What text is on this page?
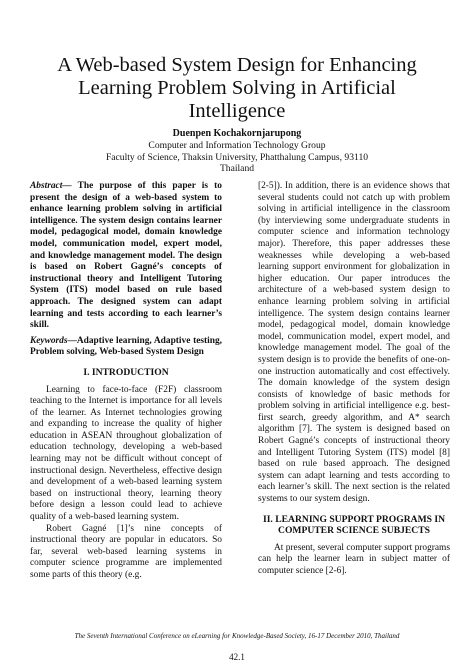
A Web-based System Design for Enhancing Learning Problem Solving in Artificial Intelligence
Duenpen Kochakornjarupong
Computer and Information Technology Group
Faculty of Science, Thaksin University, Phatthalung Campus, 93110
Thailand

Abstract— The purpose of this paper is to present the design of a web-based system to enhance learning problem solving in artificial intelligence. The system design contains learner model, pedagogical model, domain knowledge model, communication model, expert model, and knowledge management model. The design is based on Robert Gagné’s concepts of instructional theory and Intelligent Tutoring System (ITS) model based on rule based approach. The designed system can adapt learning and tests according to each learner’s skill.

Keywords—Adaptive learning, Adaptive testing, Problem solving, Web-based System Design

I. INTRODUCTION

Learning to face-to-face (F2F) classroom teaching to the Internet is importance for all levels of the learner. As Internet technologies growing and expanding to increase the quality of higher education in ASEAN throughout globalization of education technology, developing a web-based learning may not be difficult without concept of instructional design. Nevertheless, effective design and development of a web-based learning system based on instructional theory, learning theory before design a lesson could lead to achieve quality of a web-based learning system.

Robert Gagné [1]’s nine concepts of instructional theory are popular in educators. So far, several web-based learning systems in computer science programme are implemented some parts of this theory (e.g.

[2-5]). In addition, there is an evidence shows that several students could not catch up with problem solving in artificial intelligence in the classroom (by interviewing some undergraduate students in computer science and information technology major). Therefore, this paper addresses these weaknesses while developing a web-based learning support environment for globalization in higher education. Our paper introduces the architecture of a web-based system design to enhance learning problem solving in artificial intelligence. The system design contains learner model, pedagogical model, domain knowledge model, communication model, expert model, and knowledge management model. The goal of the system design is to provide the benefits of one-on-one instruction automatically and cost effectively. The domain knowledge of the system design consists of knowledge of basic methods for problem solving in artificial intelligence e.g. best-first search, greedy algorithm, and A* search algorithm [7]. The system is designed based on Robert Gagné’s concepts of instructional theory and Intelligent Tutoring System (ITS) model [8] based on rule based approach. The designed system can adapt learning and tests according to each learner’s skill. The next section is the related systems to our system design.

II. LEARNING SUPPORT PROGRAMS IN COMPUTER SCIENCE SUBJECTS

At present, several computer support programs can help the learner learn in subject matter of computer science [2-6].

The Seventh International Conference on eLearning for Knowledge-Based Society, 16-17 December 2010, Thailand
42.1
